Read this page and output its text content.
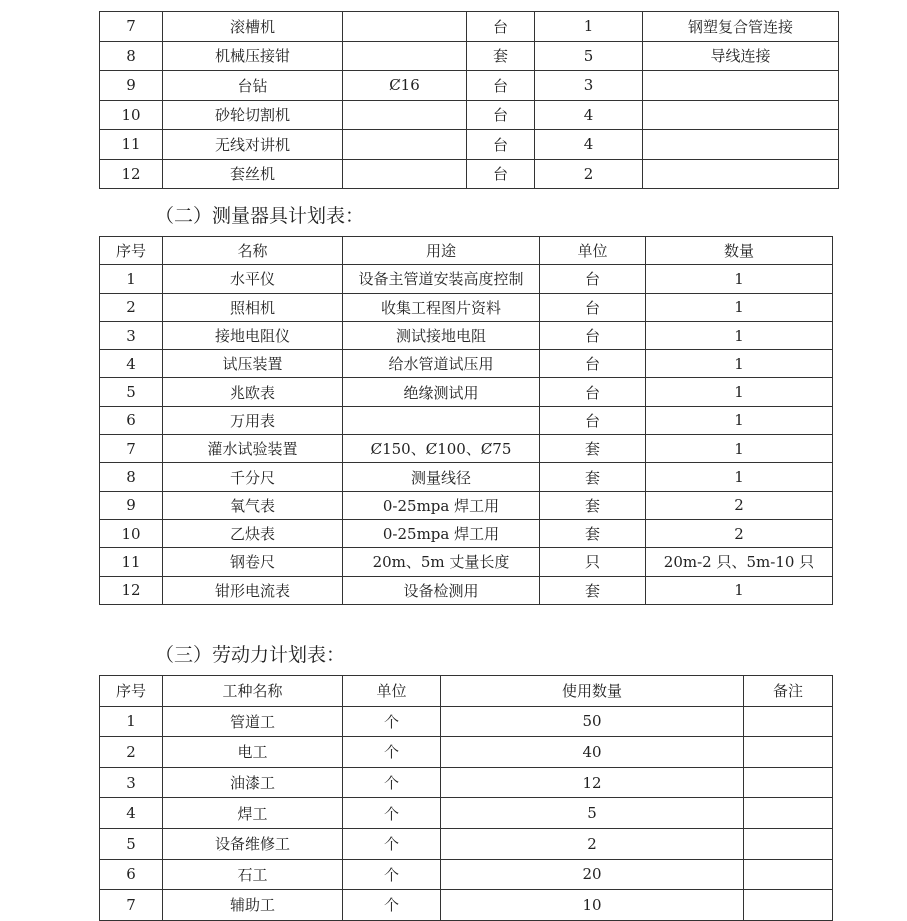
7	滚槽机		台	1	钢塑复合管连接
8	机械压接钳		套	5	导线连接
9	台钻	Ȼ16	台	3	
10	砂轮切割机		台	4	
11	无线对讲机		台	4	
12	套丝机		台	2	
（二）测量器具计划表：
序号	名称	用途	单位	数量
1	水平仪	设备主管道安装高度控制	台	1
2	照相机	收集工程图片资料	台	1
3	接地电阻仪	测试接地电阻	台	1
4	试压装置	给水管道试压用	台	1
5	兆欧表	绝缘测试用	台	1
6	万用表		台	1
7	灌水试验装置	Ȼ150、Ȼ100、Ȼ75	套	1
8	千分尺	测量线径	套	1
9	氧气表	0-25mpa 焊工用	套	2
10	乙炔表	0-25mpa 焊工用	套	2
11	钢卷尺	20m、5m 丈量长度	只	20m-2 只、5m-10 只
12	钳形电流表	设备检测用	套	1
（三）劳动力计划表：
序号	工种名称	单位	使用数量	备注
1	管道工	个	50	
2	电工	个	40	
3	油漆工	个	12	
4	焊工	个	5	
5	设备维修工	个	2	
6	石工	个	20	
7	辅助工	个	10	
